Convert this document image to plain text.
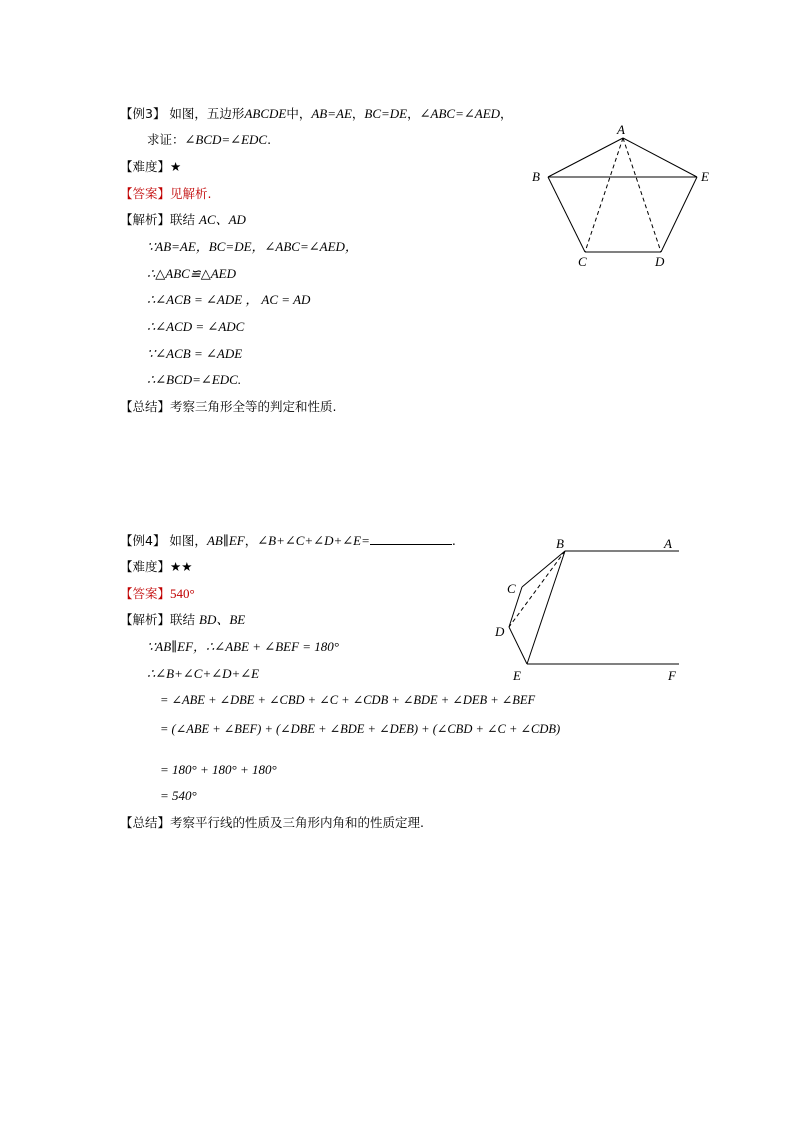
【例3】 如图，五边形ABCDE中，AB=AE，BC=DE，∠ABC=∠AED，
求证：∠BCD=∠EDC.
【难度】★
【答案】见解析.
【解析】联结 AC、AD
∵AB=AE，BC=DE，∠ABC=∠AED，
∴△ABC≌△AED
∴∠ACB = ∠ADE ， AC = AD
∴∠ACD = ∠ADC
∵∠ACB = ∠ADE
∴∠BCD=∠EDC.
【总结】考察三角形全等的判定和性质.
A
B	E
C	D
【例4】 如图，AB∥EF，∠B+∠C+∠D+∠E=	.
【难度】★★
【答案】540°
【解析】联结 BD、BE
∵AB∥EF，∴∠ABE + ∠BEF = 180°
∴∠B+∠C+∠D+∠E
= ∠ABE + ∠DBE + ∠CBD + ∠C + ∠CDB + ∠BDE + ∠DEB + ∠BEF
= (∠ABE + ∠BEF) + (∠DBE + ∠BDE + ∠DEB) + (∠CBD + ∠C + ∠CDB)
= 180° + 180° + 180°
= 540°
【总结】考察平行线的性质及三角形内角和的性质定理.
B	A
C
D
E	F
